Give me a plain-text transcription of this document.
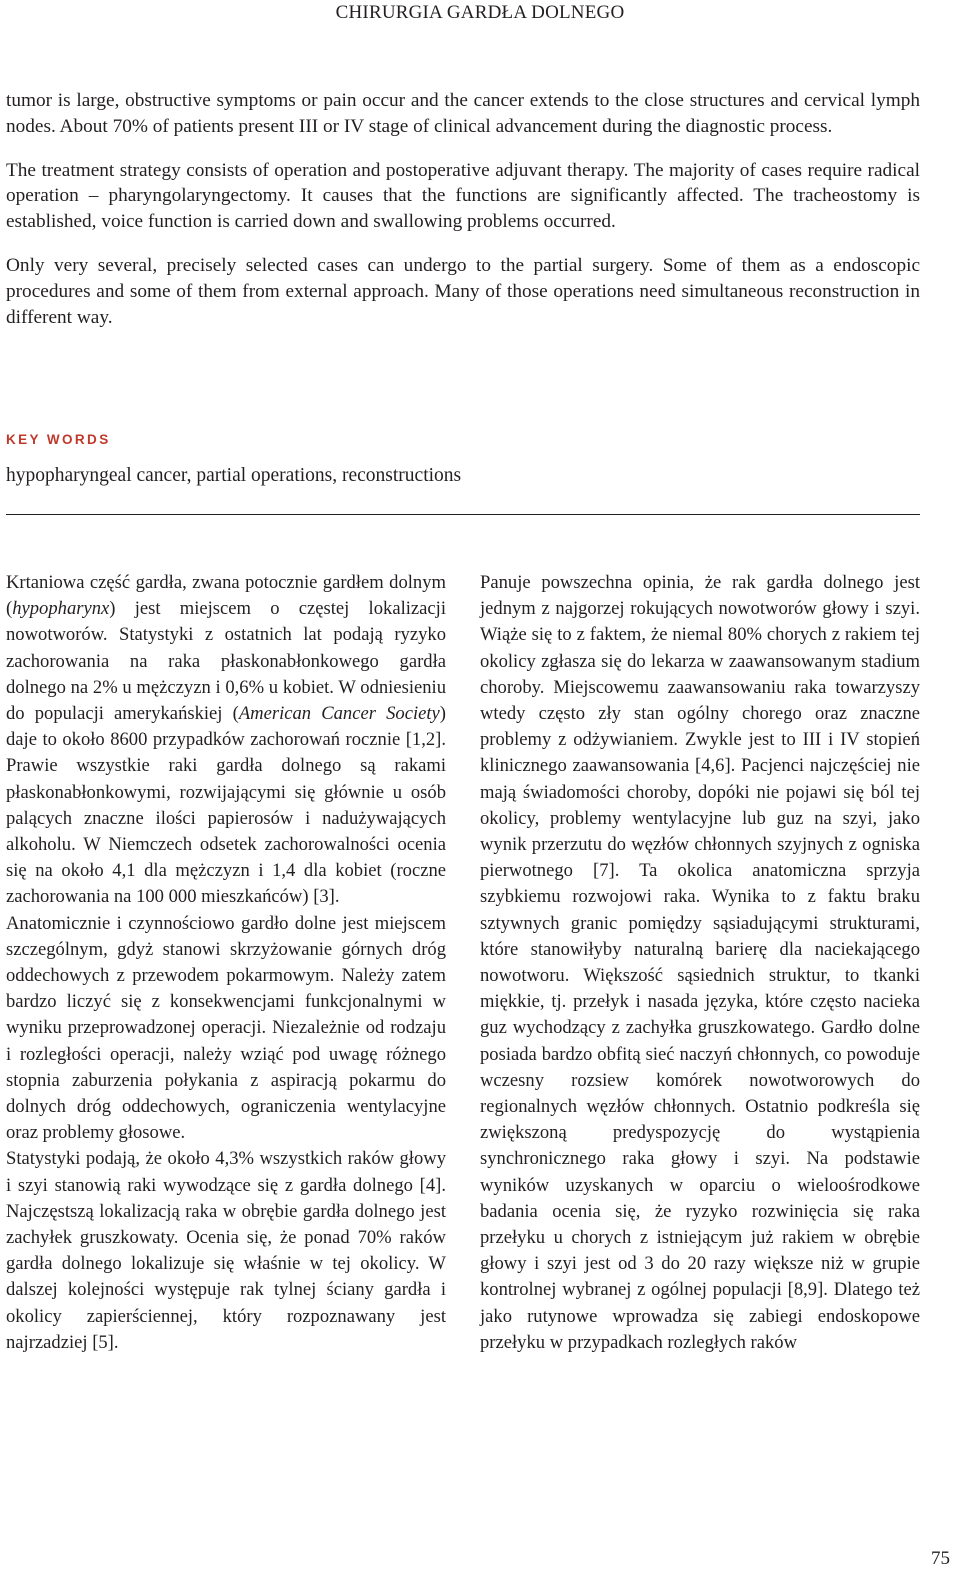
CHIRURGIA GARDŁA DOLNEGO

tumor is large, obstructive symptoms or pain occur and the cancer extends to the close structures and cervical lymph nodes. About 70% of patients present III or IV stage of clinical advancement during the diagnostic process.

The treatment strategy consists of operation and postoperative adjuvant therapy. The majority of cases require radical operation – pharyngolaryngectomy. It causes that the functions are significantly affected. The tracheostomy is established, voice function is carried down and swallowing problems occurred.

Only very several, precisely selected cases can undergo to the partial surgery. Some of them as a endoscopic procedures and some of them from external approach. Many of those operations need simultaneous reconstruction in different way.

KEY WORDS
hypopharyngeal cancer, partial operations, reconstructions

Krtaniowa część gardła, zwana potocznie gardłem dolnym (hypopharynx) jest miejscem o częstej lokalizacji nowotworów. Statystyki z ostatnich lat podają ryzyko zachorowania na raka płaskonabłonkowego gardła dolnego na 2% u mężczyzn i 0,6% u kobiet. W odniesieniu do populacji amerykańskiej (American Cancer Society) daje to około 8600 przypadków zachorowań rocznie [1,2]. Prawie wszystkie raki gardła dolnego są rakami płaskonabłonkowymi, rozwijającymi się głównie u osób palących znaczne ilości papierosów i nadużywających alkoholu. W Niemczech odsetek zachorowalności ocenia się na około 4,1 dla mężczyzn i 1,4 dla kobiet (roczne zachorowania na 100 000 mieszkańców) [3].

Anatomicznie i czynnościowo gardło dolne jest miejscem szczególnym, gdyż stanowi skrzyżowanie górnych dróg oddechowych z przewodem pokarmowym. Należy zatem bardzo liczyć się z konsekwencjami funkcjonalnymi w wyniku przeprowadzonej operacji. Niezależnie od rodzaju i rozległości operacji, należy wziąć pod uwagę różnego stopnia zaburzenia połykania z aspiracją pokarmu do dolnych dróg oddechowych, ograniczenia wentylacyjne oraz problemy głosowe.

Statystyki podają, że około 4,3% wszystkich raków głowy i szyi stanowią raki wywodzące się z gardła dolnego [4]. Najczęstszą lokalizacją raka w obrębie gardła dolnego jest zachyłek gruszkowaty. Ocenia się, że ponad 70% raków gardła dolnego lokalizuje się właśnie w tej okolicy. W dalszej kolejności występuje rak tylnej ściany gardła i okolicy zapierściennej, który rozpoznawany jest najrzadziej [5].

Panuje powszechna opinia, że rak gardła dolnego jest jednym z najgorzej rokujących nowotworów głowy i szyi. Wiąże się to z faktem, że niemal 80% chorych z rakiem tej okolicy zgłasza się do lekarza w zaawansowanym stadium choroby. Miejscowemu zaawansowaniu raka towarzyszy wtedy często zły stan ogólny chorego oraz znaczne problemy z odżywianiem. Zwykle jest to III i IV stopień klinicznego zaawansowania [4,6]. Pacjenci najczęściej nie mają świadomości choroby, dopóki nie pojawi się ból tej okolicy, problemy wentylacyjne lub guz na szyi, jako wynik przerzutu do węzłów chłonnych szyjnych z ogniska pierwotnego [7]. Ta okolica anatomiczna sprzyja szybkiemu rozwojowi raka. Wynika to z faktu braku sztywnych granic pomiędzy sąsiadującymi strukturami, które stanowiłyby naturalną barierę dla naciekającego nowotworu. Większość sąsiednich struktur, to tkanki miękkie, tj. przełyk i nasada języka, które często nacieka guz wychodzący z zachyłka gruszkowatego. Gardło dolne posiada bardzo obfitą sieć naczyń chłonnych, co powoduje wczesny rozsiew komórek nowotworowych do regionalnych węzłów chłonnych. Ostatnio podkreśla się zwiększoną predyspozycję do wystąpienia synchronicznego raka głowy i szyi. Na podstawie wyników uzyskanych w oparciu o wieloośrodkowe badania ocenia się, że ryzyko rozwinięcia się raka przełyku u chorych z istniejącym już rakiem w obrębie głowy i szyi jest od 3 do 20 razy większe niż w grupie kontrolnej wybranej z ogólnej populacji [8,9]. Dlatego też jako rutynowe wprowadza się zabiegi endoskopowe przełyku w przypadkach rozległych raków

75
